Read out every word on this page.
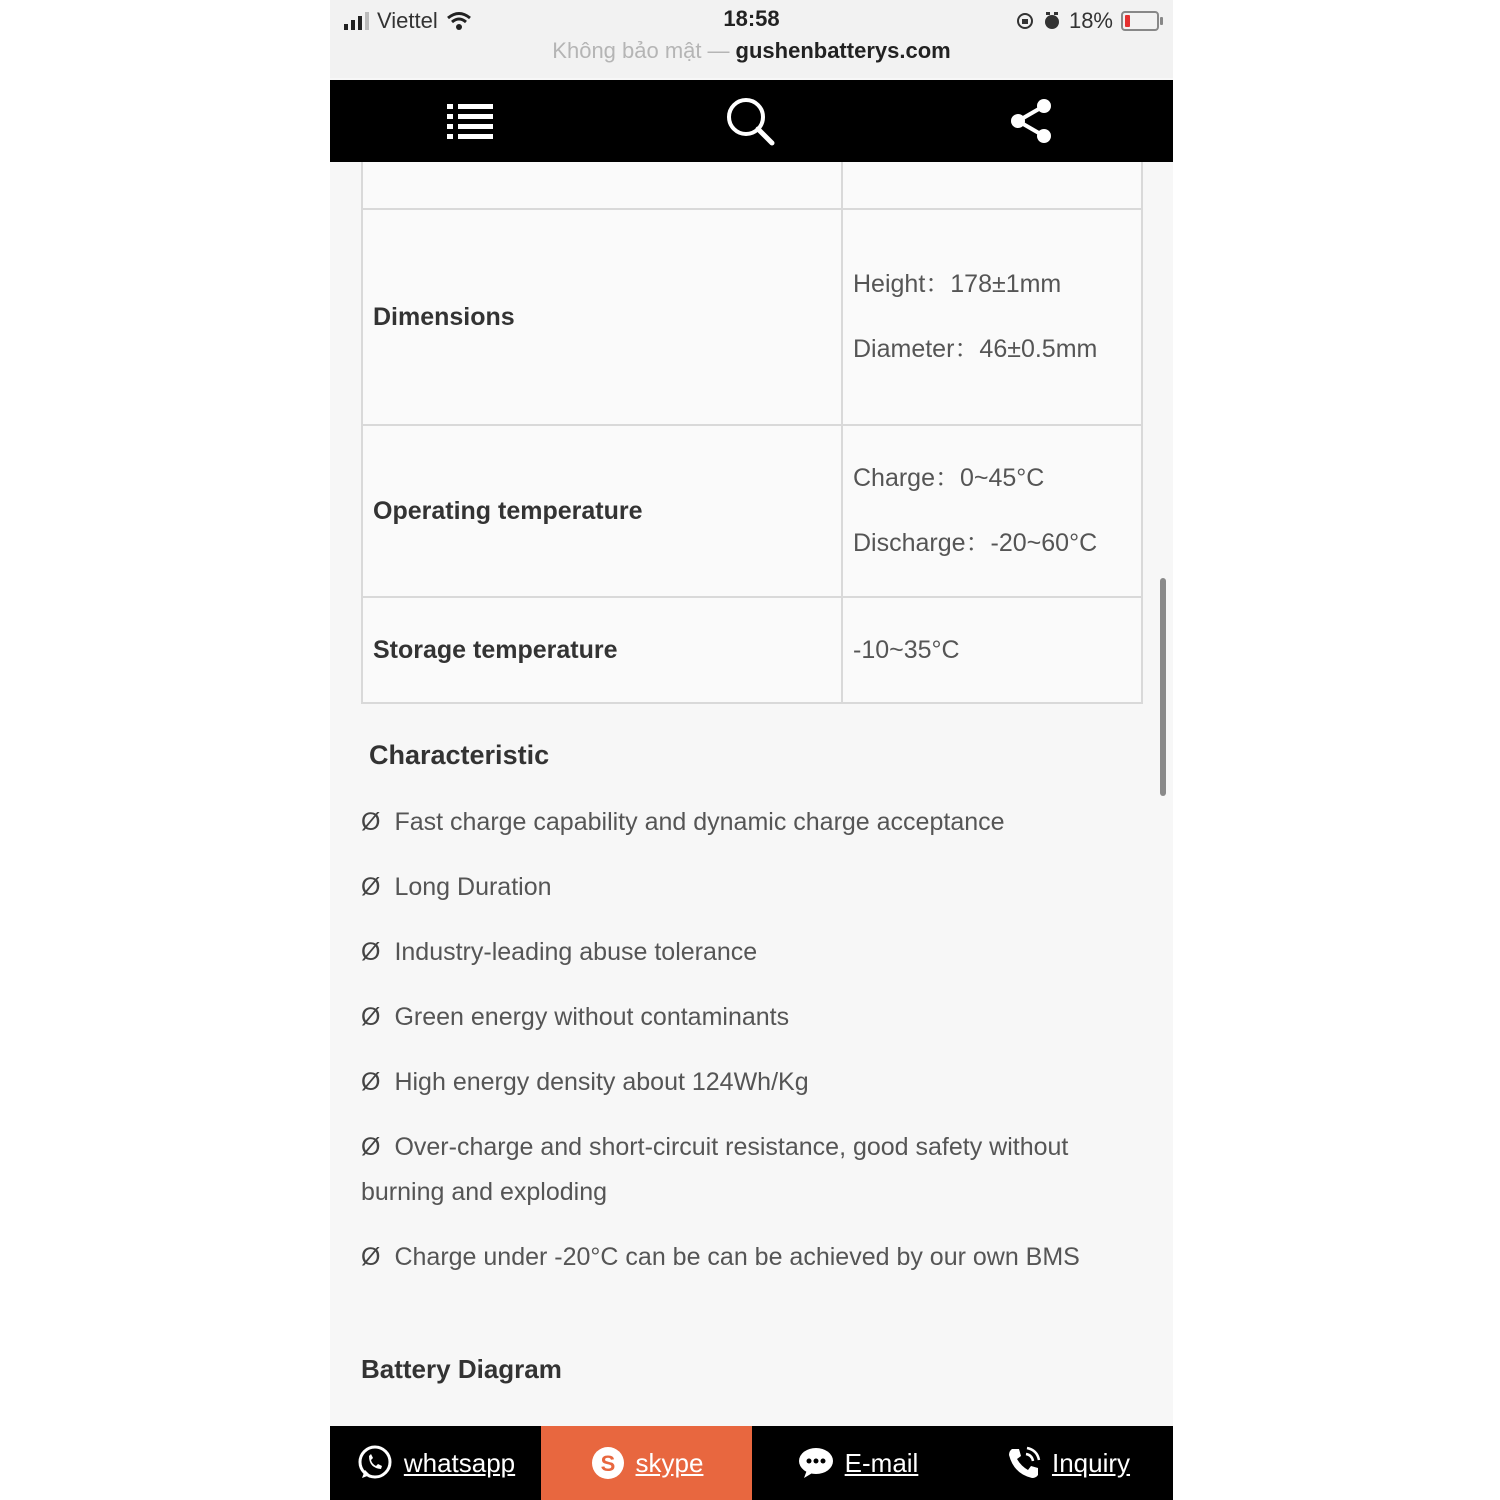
Viettel	18:58	18%
Không bảo mật — gushenbatterys.com

Dimensions	Height：178±1mm

Diameter：46±0.5mm

Operating temperature	Charge：0~45°C

Discharge：-20~60°C

Storage temperature	-10~35°C

Characteristic
Ø Fast charge capability and dynamic charge acceptance
Ø Long Duration
Ø Industry-leading abuse tolerance
Ø Green energy without contaminants
Ø High energy density about 124Wh/Kg
Ø Over-charge and short-circuit resistance, good safety without burning and exploding
Ø Charge under -20°C can be can be achieved by our own BMS
Battery Diagram
whatsapp	S skype	E-mail	Inquiry
